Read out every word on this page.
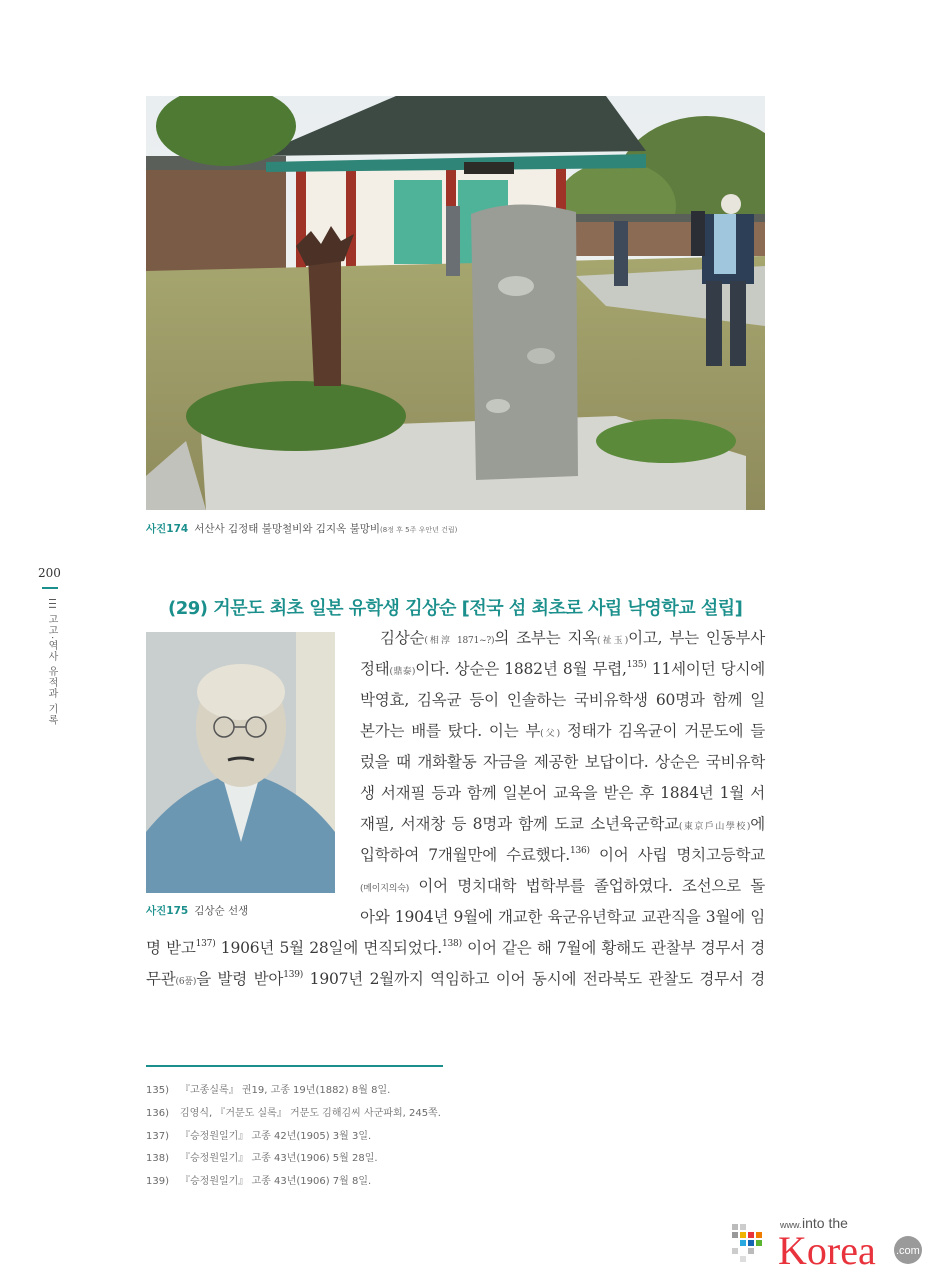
사진174 서산사 김정태 불망철비와 김지옥 불망비(8정 후 5주 우안년 건립)
200
III 고고·역사 유적과 기록	(29) 거문도 최초 일본 유학생 김상순 [전국 섬 최초로 사립 낙영학교 설립]
사진175 김상순 선생
김상순(相淳 1871~?)의 조부는 지옥(祉玉)이고, 부는 인동부사
정태(鼎泰)이다. 상순은 1882년 8월 무렵,$^{135)}$ 11세이던 당시에
박영효, 김옥균 등이 인솔하는 국비유학생 60명과 함께 일
본가는 배를 탔다. 이는 부(父) 정태가 김옥균이 거문도에 들
렀을 때 개화활동 자금을 제공한 보답이다. 상순은 국비유학
생 서재필 등과 함께 일본어 교육을 받은 후 1884년 1월 서
재필, 서재창 등 8명과 함께 도쿄 소년육군학교(東京戶山學校)에
입학하여 7개월만에 수료했다.$^{136)}$ 이어 사립 명치고등학교
(메이지의숙) 이어 명치대학 법학부를 졸업하였다. 조선으로 돌
아와 1904년 9월에 개교한 육군유년학교 교관직을 3월에 임
명 받고$^{137)}$ 1906년 5월 28일에 면직되었다.$^{138)}$ 이어 같은 해 7월에 황해도 관찰부 경무서 경
무관(6품)을 발령 받아$^{139)}$ 1907년 2월까지 역임하고 이어 동시에 전라북도 관찰도 경무서 경
135) 『고종실록』 권19, 고종 19년(1882) 8월 8일.
136) 김영식, 『거문도 실록』 거문도 김해김씨 사군파회, 245쪽.
137) 『승정원일기』 고종 42년(1905) 3월 3일.
138) 『승정원일기』 고종 43년(1906) 5월 28일.
139) 『승정원일기』 고종 43년(1906) 7월 8일.
www. into the
Korea .com
